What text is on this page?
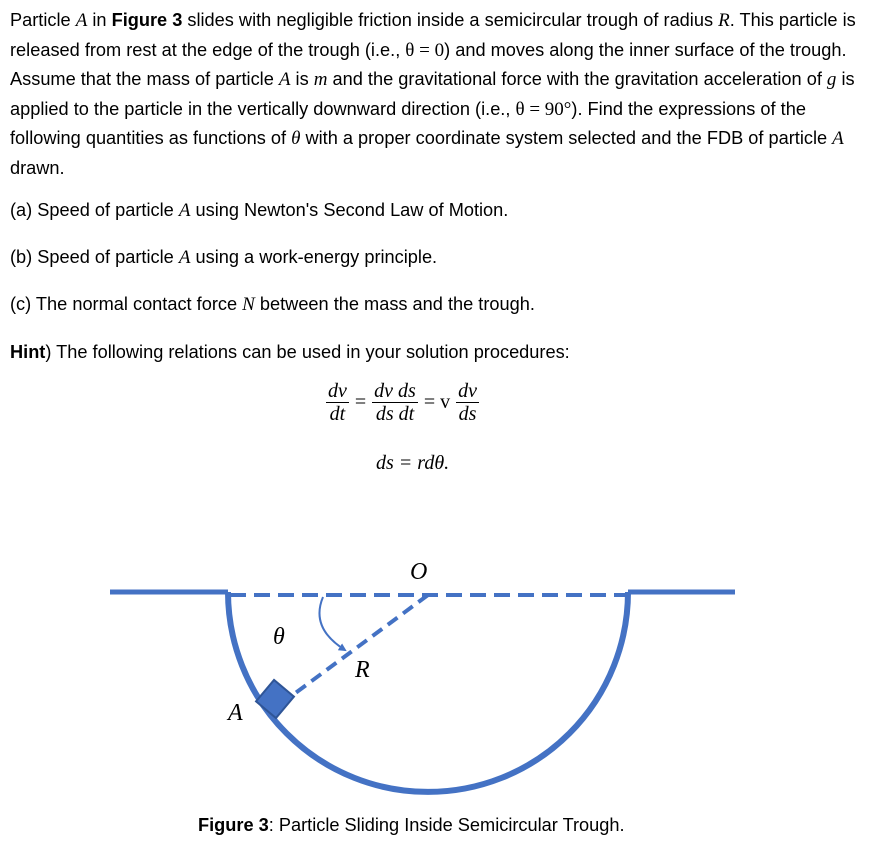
Particle A in Figure 3 slides with negligible friction inside a semicircular trough of radius R. This particle is released from rest at the edge of the trough (i.e., θ = 0) and moves along the inner surface of the trough. Assume that the mass of particle A is m and the gravitational force with the gravitation acceleration of g is applied to the particle in the vertically downward direction (i.e., θ = 90°). Find the expressions of the following quantities as functions of θ with a proper coordinate system selected and the FDB of particle A drawn.
(a) Speed of particle A using Newton's Second Law of Motion.
(b) Speed of particle A using a work-energy principle.
(c) The normal contact force N between the mass and the trough.
Hint) The following relations can be used in your solution procedures:
$\frac{dv}{dt} = \frac{\text{dv ds}}{\text{ds dt}} = v \frac{dv}{ds}$
ds = rdθ.
O
θ
R
A
Figure 3: Particle Sliding Inside Semicircular Trough.
